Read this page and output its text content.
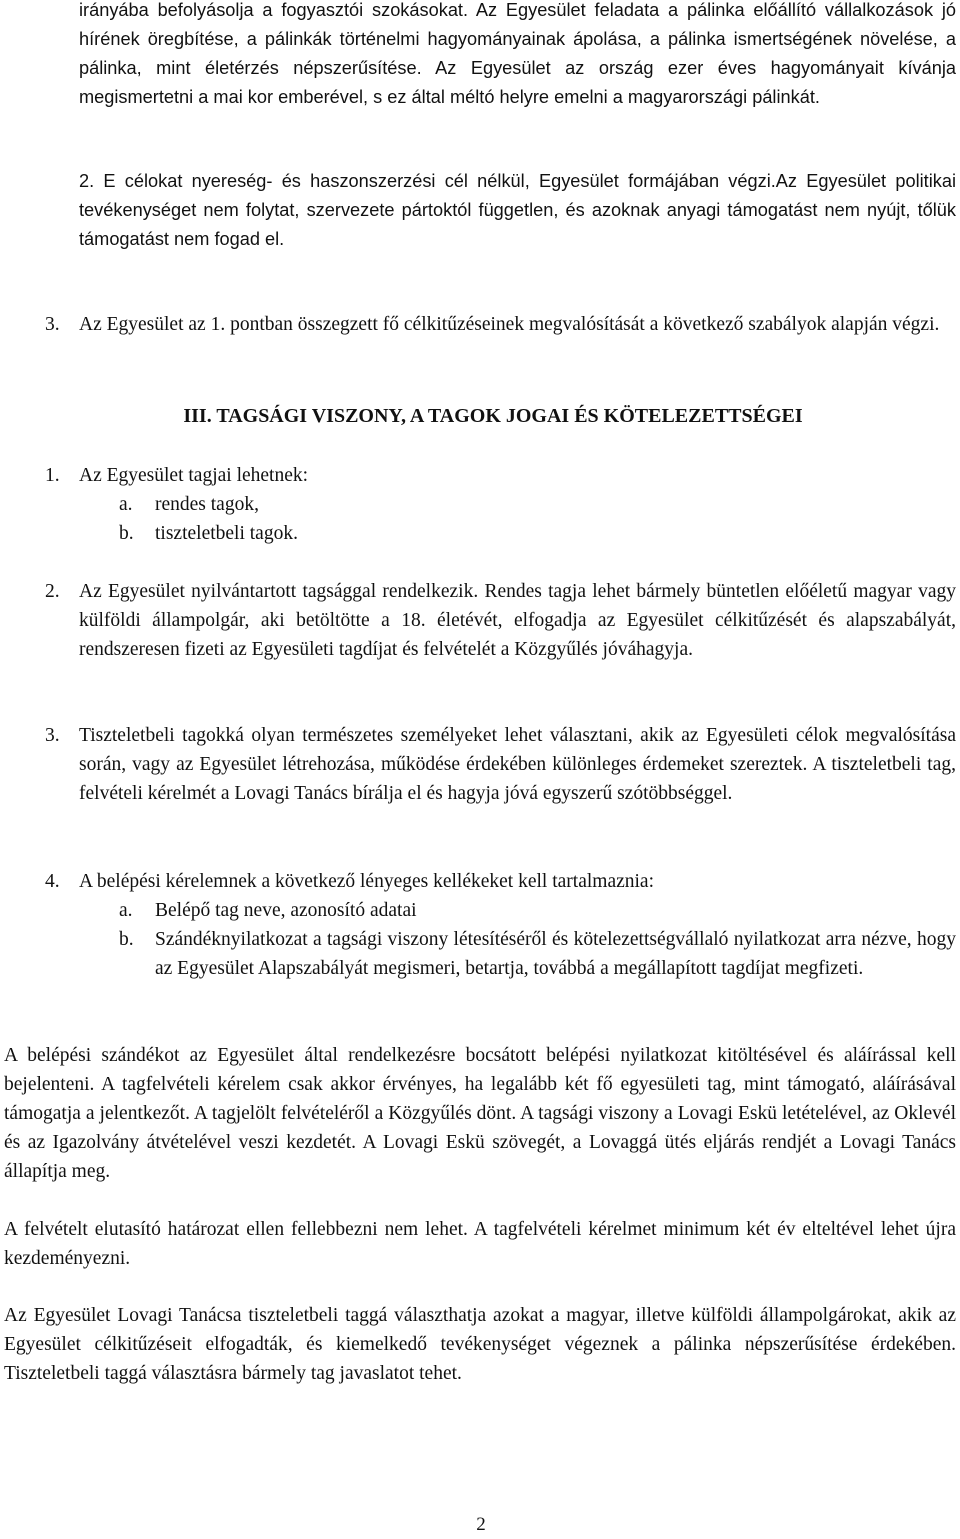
irányába befolyásolja a fogyasztói szokásokat. Az Egyesület feladata a pálinka előállító vállalkozások jó hírének öregbítése, a pálinkák történelmi hagyományainak ápolása, a pálinka ismertségének növelése, a pálinka, mint életérzés népszerűsítése. Az Egyesület az ország ezer éves hagyományait kívánja megismertetni a mai kor emberével, s ez által méltó helyre emelni a magyarországi pálinkát.
2. E célokat nyereség- és haszonszerzési cél nélkül, Egyesület formájában végzi.Az Egyesület politikai tevékenységet nem folytat, szervezete pártoktól független, és azoknak anyagi támogatást nem nyújt, tőlük támogatást nem fogad el.
3. Az Egyesület az 1. pontban összegzett fő célkitűzéseinek megvalósítását a következő szabályok alapján végzi.
III. TAGSÁGI VISZONY, A TAGOK JOGAI ÉS KÖTELEZETTSÉGEI
1. Az Egyesület tagjai lehetnek:
a.	rendes tagok,
b.	tiszteletbeli tagok.
2. Az Egyesület nyilvántartott tagsággal rendelkezik. Rendes tagja lehet bármely büntetlen előéletű magyar vagy külföldi állampolgár, aki betöltötte a 18. életévét, elfogadja az Egyesület célkitűzését és alapszabályát, rendszeresen fizeti az Egyesületi tagdíjat és felvételét a Közgyűlés jóváhagyja.
3. Tiszteletbeli tagokká olyan természetes személyeket lehet választani, akik az Egyesületi célok megvalósítása során, vagy az Egyesület létrehozása, működése érdekében különleges érdemeket szereztek. A tiszteletbeli tag, felvételi kérelmét a Lovagi Tanács bírálja el és hagyja jóvá egyszerű szótöbbséggel.
4. A belépési kérelemnek a következő lényeges kellékeket kell tartalmaznia:
a.	Belépő tag neve, azonosító adatai
b.	Szándéknyilatkozat a tagsági viszony létesítéséről és kötelezettségvállaló nyilatkozat arra nézve, hogy az Egyesület Alapszabályát megismeri, betartja, továbbá a megállapított tagdíjat megfizeti.
A belépési szándékot az Egyesület által rendelkezésre bocsátott belépési nyilatkozat kitöltésével és aláírással kell bejelenteni. A tagfelvételi kérelem csak akkor érvényes, ha legalább két fő egyesületi tag, mint támogató, aláírásával támogatja a jelentkezőt. A tagjelölt felvételéről a Közgyűlés dönt. A tagsági viszony a Lovagi Eskü letételével, az Oklevél és az Igazolvány átvételével veszi kezdetét. A Lovagi Eskü szövegét, a Lovaggá ütés eljárás rendjét a Lovagi Tanács állapítja meg.
A felvételt elutasító határozat ellen fellebbezni nem lehet. A tagfelvételi kérelmet minimum két év elteltével lehet újra kezdeményezni.
Az Egyesület Lovagi Tanácsa tiszteletbeli taggá választhatja azokat a magyar, illetve külföldi állampolgárokat, akik az Egyesület célkitűzéseit elfogadták, és kiemelkedő tevékenységet végeznek a pálinka népszerűsítése érdekében. Tiszteletbeli taggá választásra bármely tag javaslatot tehet.
2
